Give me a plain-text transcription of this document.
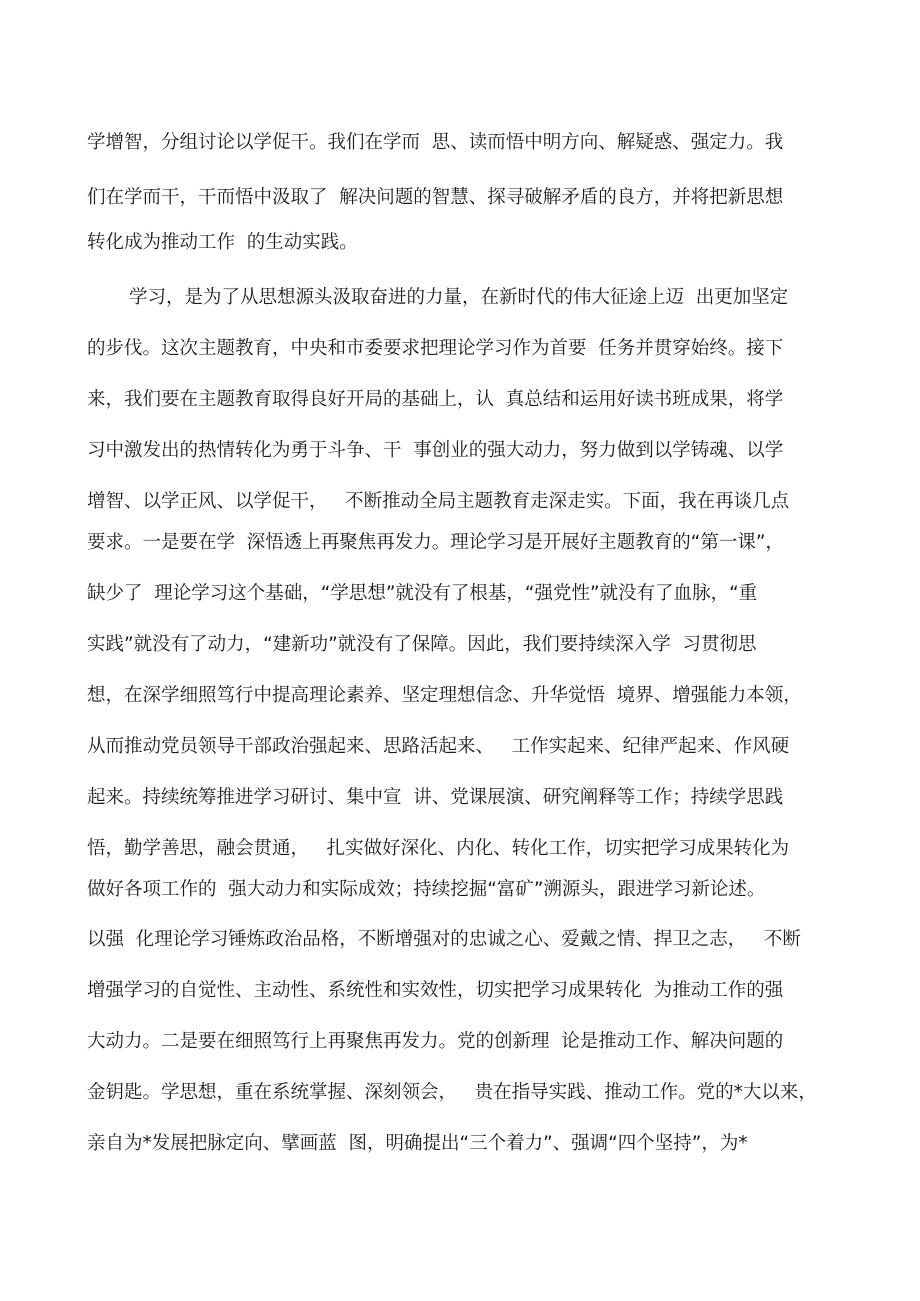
学增智，分组讨论以学促干。我们在学而  思、读而悟中明方向、解疑惑、强定力。我
们在学而干，干而悟中汲取了  解决问题的智慧、探寻破解矛盾的良方，并将把新思想
转化成为推动工作  的生动实践。
学习，是为了从思想源头汲取奋进的力量，在新时代的伟大征途上迈  出更加坚定
的步伐。这次主题教育，中央和市委要求把理论学习作为首要  任务并贯穿始终。接下
来，我们要在主题教育取得良好开局的基础上，认  真总结和运用好读书班成果，将学
习中激发出的热情转化为勇于斗争、干  事创业的强大动力，努力做到以学铸魂、以学
增智、以学正风、以学促干，   不断推动全局主题教育走深走实。下面，我在再谈几点
要求。一是要在学  深悟透上再聚焦再发力。理论学习是开展好主题教育的“第一课”，
缺少了  理论学习这个基础，“学思想”就没有了根基，“强党性”就没有了血脉，“重
实践”就没有了动力，“建新功”就没有了保障。因此，我们要持续深入学  习贯彻思
想，在深学细照笃行中提高理论素养、坚定理想信念、升华觉悟  境界、增强能力本领，
从而推动党员领导干部政治强起来、思路活起来、   工作实起来、纪律严起来、作风硬
起来。持续统筹推进学习研讨、集中宣  讲、党课展演、研究阐释等工作；持续学思践
悟，勤学善思，融会贯通，   扎实做好深化、内化、转化工作，切实把学习成果转化为
做好各项工作的  强大动力和实际成效；持续挖掘“富矿”溯源头，跟进学习新论述。
以强  化理论学习锤炼政治品格，不断增强对的忠诚之心、爱戴之情、捍卫之志，   不断
增强学习的自觉性、主动性、系统性和实效性，切实把学习成果转化  为推动工作的强
大动力。二是要在细照笃行上再聚焦再发力。党的创新理  论是推动工作、解决问题的
金钥匙。学思想，重在系统掌握、深刻领会，   贵在指导实践、推动工作。党的*大以来，
亲自为*发展把脉定向、擘画蓝  图，明确提出“三个着力”、强调“四个坚持”，为*
